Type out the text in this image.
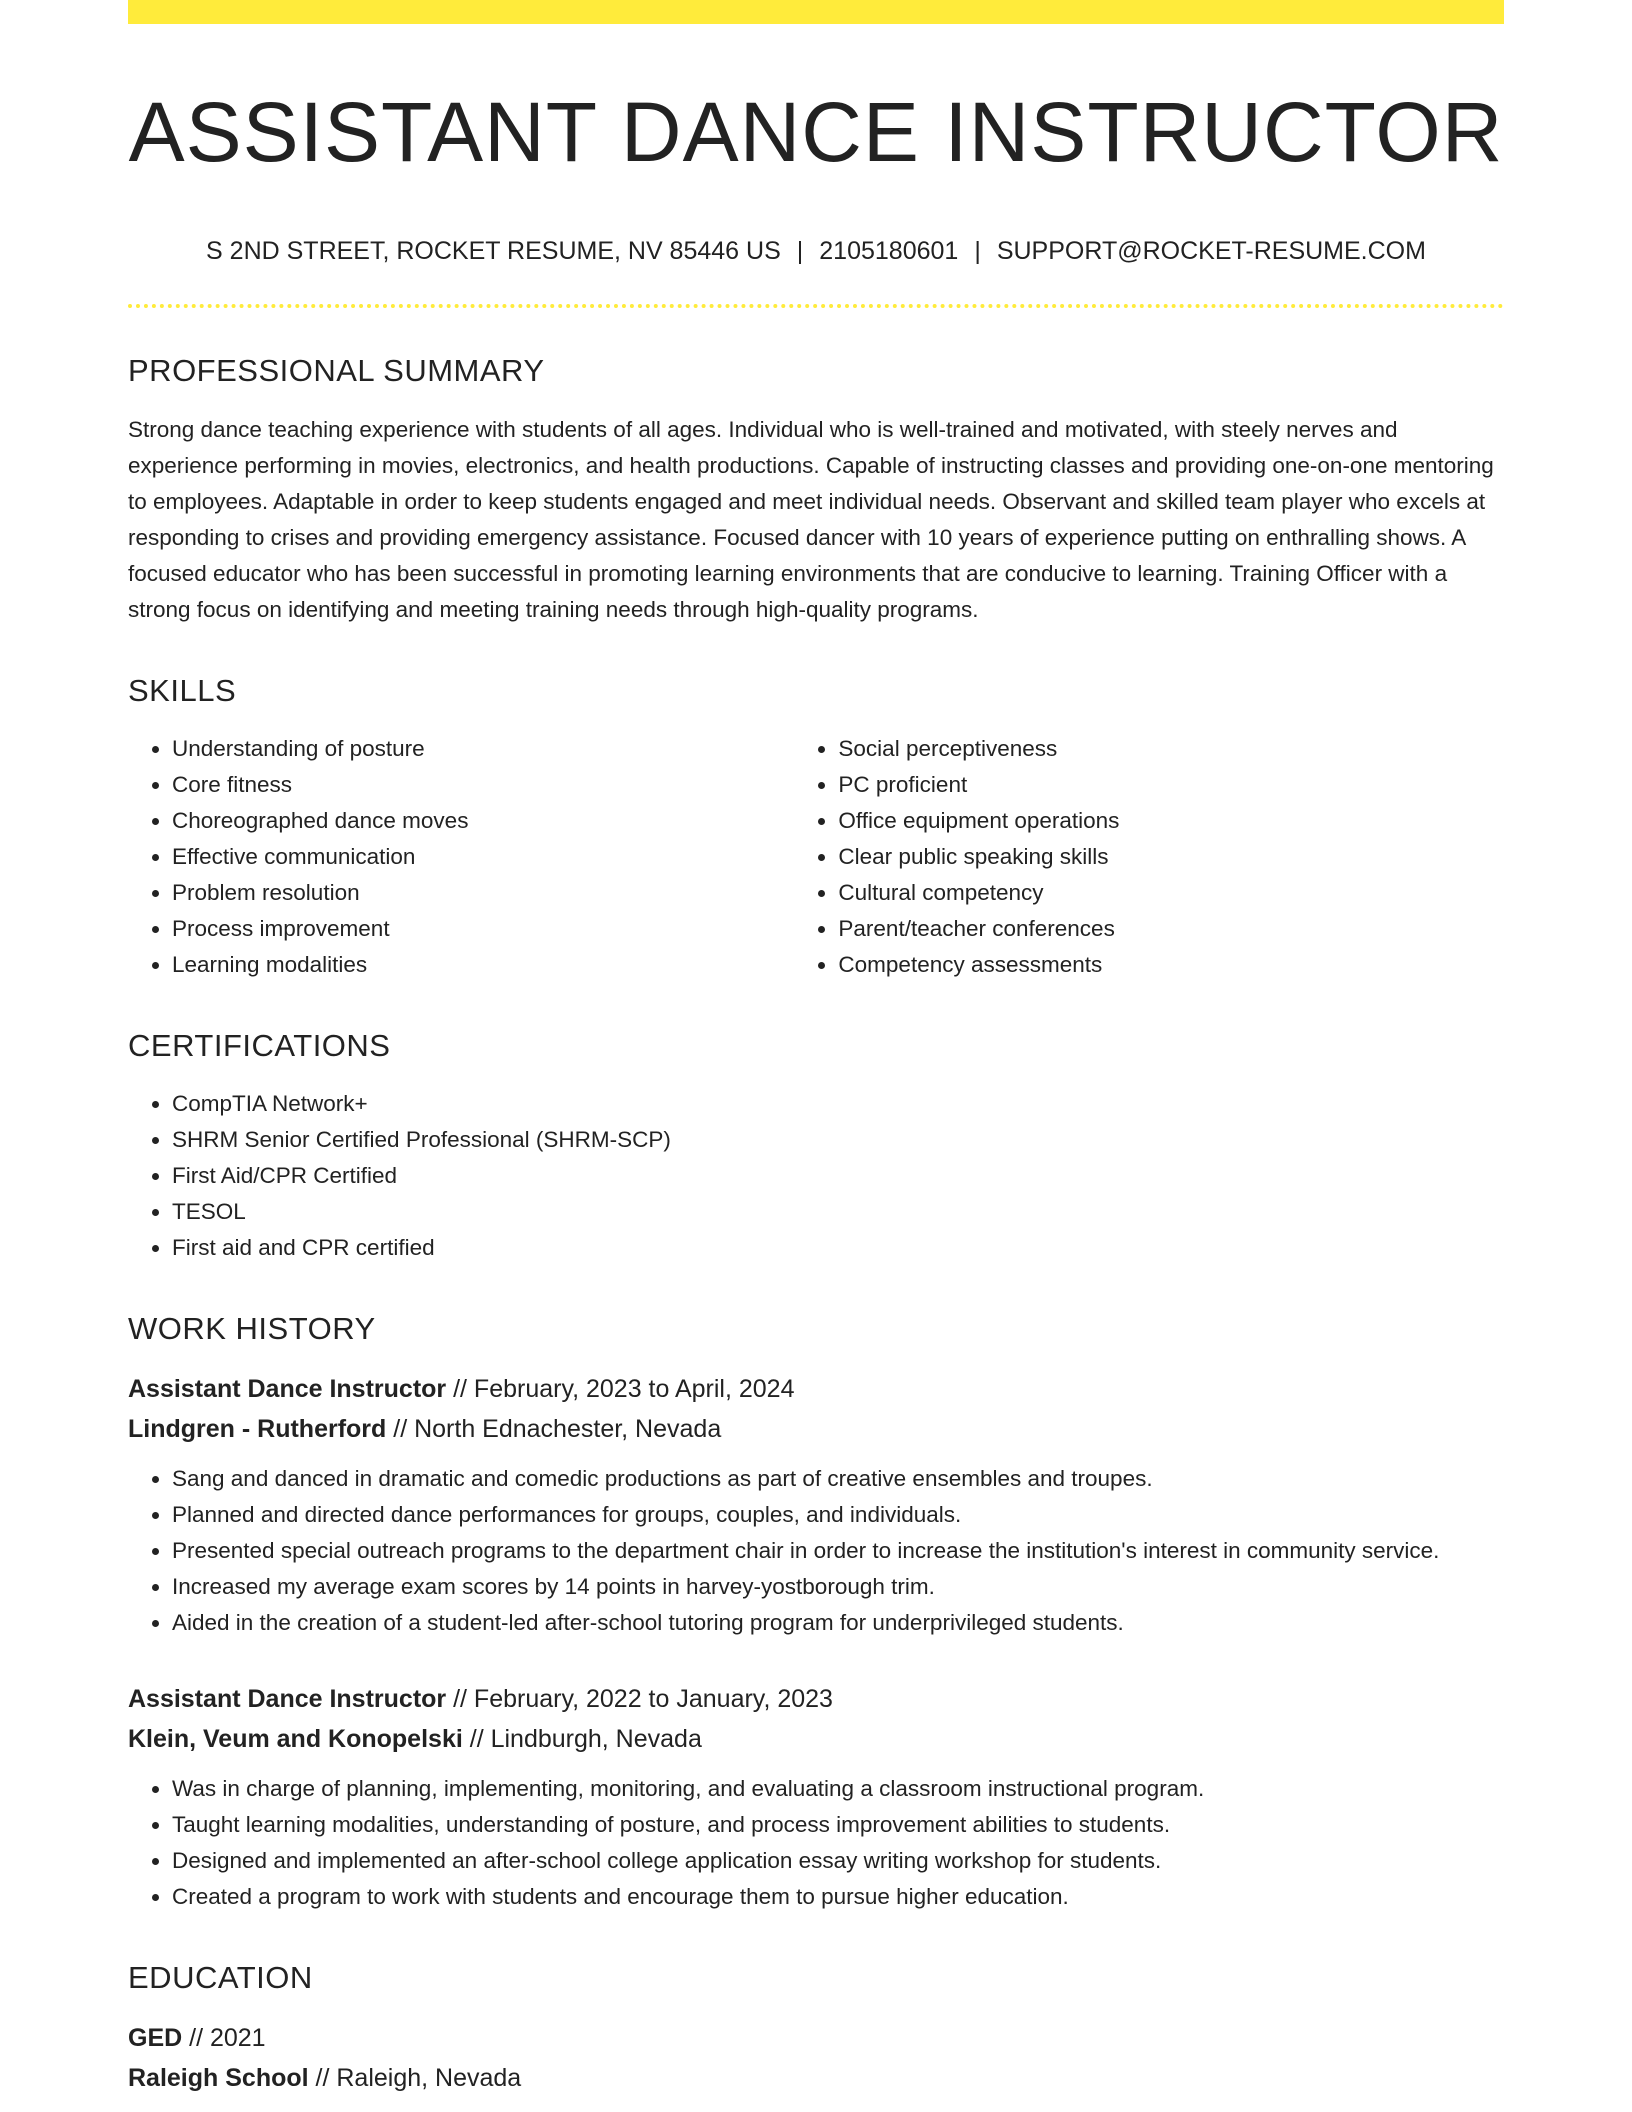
ASSISTANT DANCE INSTRUCTOR
S 2ND STREET, ROCKET RESUME, NV 85446 US | 2105180601 | SUPPORT@ROCKET-RESUME.COM
PROFESSIONAL SUMMARY

Strong dance teaching experience with students of all ages. Individual who is well-trained and motivated, with steely nerves and experience performing in movies, electronics, and health productions. Capable of instructing classes and providing one-on-one mentoring to employees. Adaptable in order to keep students engaged and meet individual needs. Observant and skilled team player who excels at responding to crises and providing emergency assistance. Focused dancer with 10 years of experience putting on enthralling shows. A focused educator who has been successful in promoting learning environments that are conducive to learning. Training Officer with a strong focus on identifying and meeting training needs through high-quality programs.

SKILLS
• Understanding of posture
• Core fitness
• Choreographed dance moves
• Effective communication
• Problem resolution
• Process improvement
• Learning modalities
• Social perceptiveness
• PC proficient
• Office equipment operations
• Clear public speaking skills
• Cultural competency
• Parent/teacher conferences
• Competency assessments
CERTIFICATIONS
• CompTIA Network+
• SHRM Senior Certified Professional (SHRM-SCP)
• First Aid/CPR Certified
• TESOL
• First aid and CPR certified
WORK HISTORY
Assistant Dance Instructor // February, 2023 to April, 2024
Lindgren - Rutherford // North Ednachester, Nevada
• Sang and danced in dramatic and comedic productions as part of creative ensembles and troupes.
• Planned and directed dance performances for groups, couples, and individuals.
• Presented special outreach programs to the department chair in order to increase the institution's interest in community service.
• Increased my average exam scores by 14 points in harvey-yostborough trim.
• Aided in the creation of a student-led after-school tutoring program for underprivileged students.
Assistant Dance Instructor // February, 2022 to January, 2023
Klein, Veum and Konopelski // Lindburgh, Nevada
• Was in charge of planning, implementing, monitoring, and evaluating a classroom instructional program.
• Taught learning modalities, understanding of posture, and process improvement abilities to students.
• Designed and implemented an after-school college application essay writing workshop for students.
• Created a program to work with students and encourage them to pursue higher education.
EDUCATION
GED // 2021
Raleigh School // Raleigh, Nevada
